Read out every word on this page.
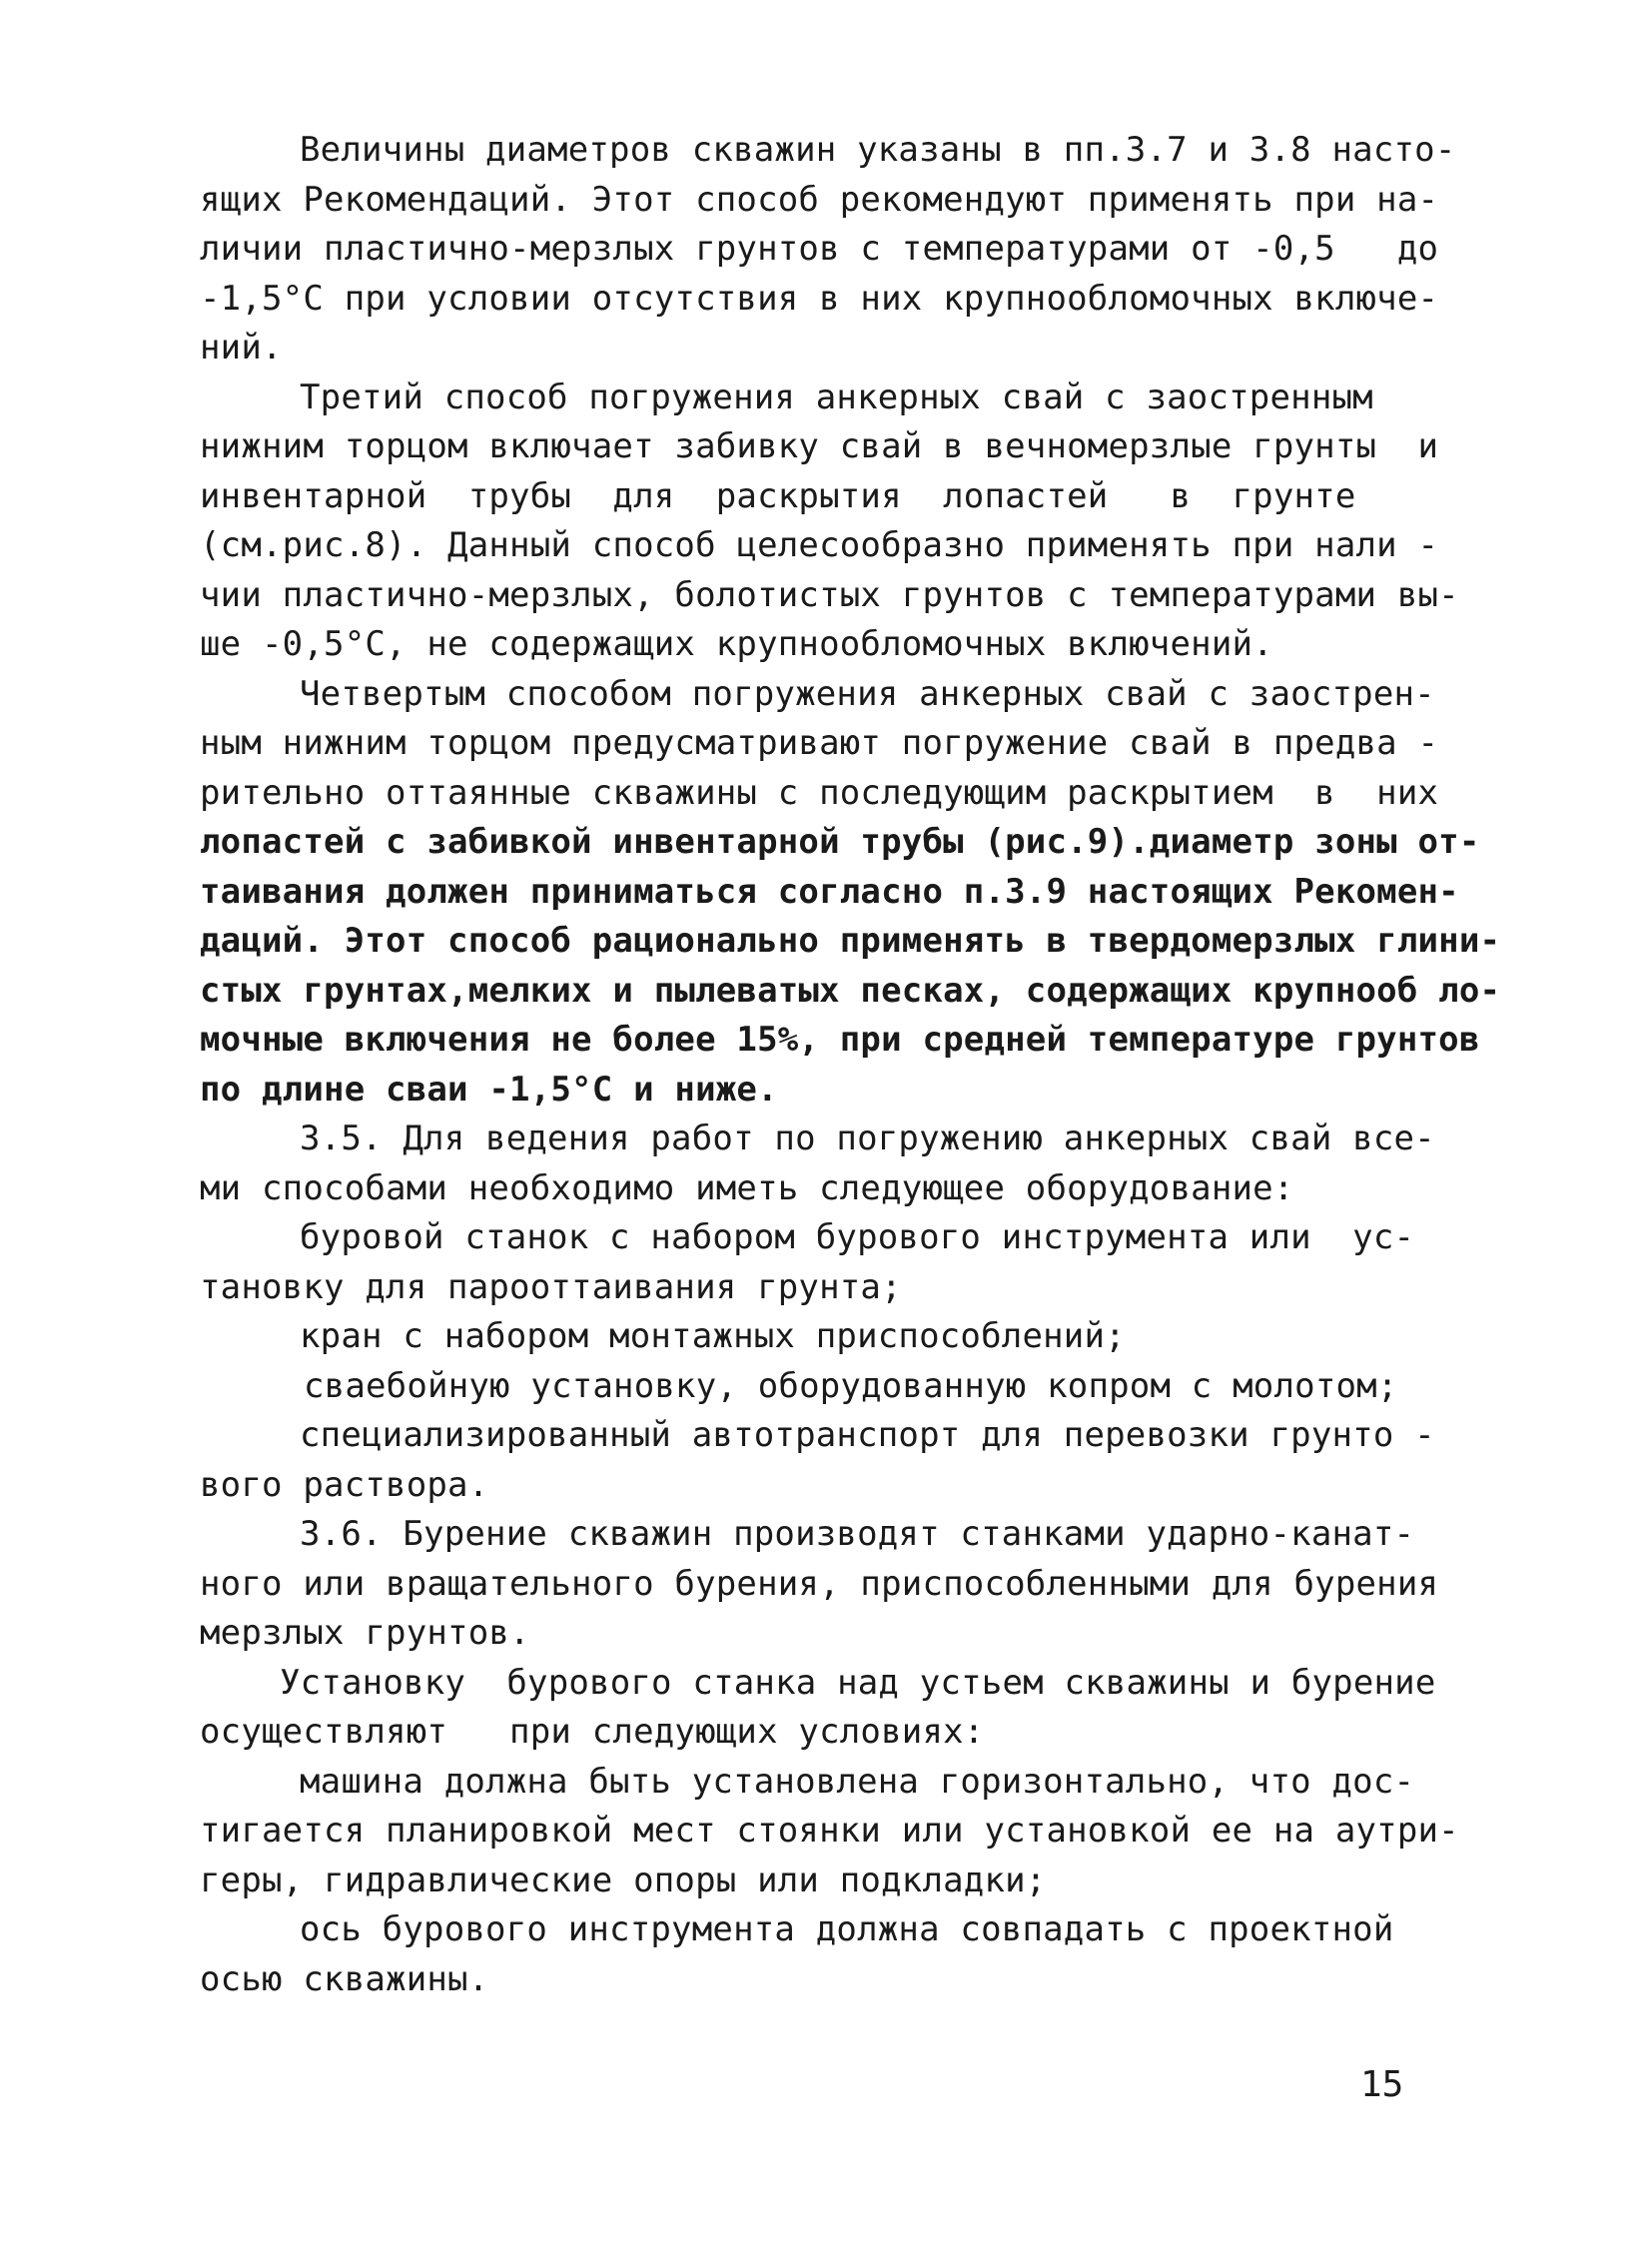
Величины диаметров скважин указаны в пп.3.7 и 3.8 насто-
ящих Рекомендаций. Этот способ рекомендуют применять при на-
личии пластично-мерзлых грунтов с температурами от -0,5   до
-1,5°С при условии отсутствия в них крупнообломочных включе-
ний.
Третий способ погружения анкерных свай с заостренным
нижним торцом включает забивку свай в вечномерзлые грунты  и
инвентарной  трубы  для  раскрытия  лопастей   в  грунте
(см.рис.8). Данный способ целесообразно применять при нали -
чии пластично-мерзлых, болотистых грунтов с температурами вы-
ше -0,5°С, не содержащих крупнообломочных включений.
Четвертым способом погружения анкерных свай с заострен-
ным нижним торцом предусматривают погружение свай в предва -
рительно оттаянные скважины с последующим раскрытием  в  них
лопастей с забивкой инвентарной трубы (рис.9).диаметр зоны от-
таивания должен приниматься согласно п.3.9 настоящих Рекомен-
даций. Этот способ рационально применять в твердомерзлых глини-
стых грунтах,мелких и пылеватых песках, содержащих крупнооб ло-
мочные включения не более 15%, при средней температуре грунтов
по длине сваи -1,5°С и ниже.
3.5. Для ведения работ по погружению анкерных свай все-
ми способами необходимо иметь следующее оборудование:
буровой станок с набором бурового инструмента или  ус-
тановку для парооттаивания грунта;
кран с набором монтажных приспособлений;
сваебойную установку, оборудованную копром с молотом;
специализированный автотранспорт для перевозки грунто -
вого раствора.
3.6. Бурение скважин производят станками ударно-канат-
ного или вращательного бурения, приспособленными для бурения
мерзлых грунтов.
Установку  бурового станка над устьем скважины и бурение
осуществляют   при следующих условиях:
машина должна быть установлена горизонтально, что дос-
тигается планировкой мест стоянки или установкой ее на аутри-
геры, гидравлические опоры или подкладки;
ось бурового инструмента должна совпадать с проектной
осью скважины.
15
